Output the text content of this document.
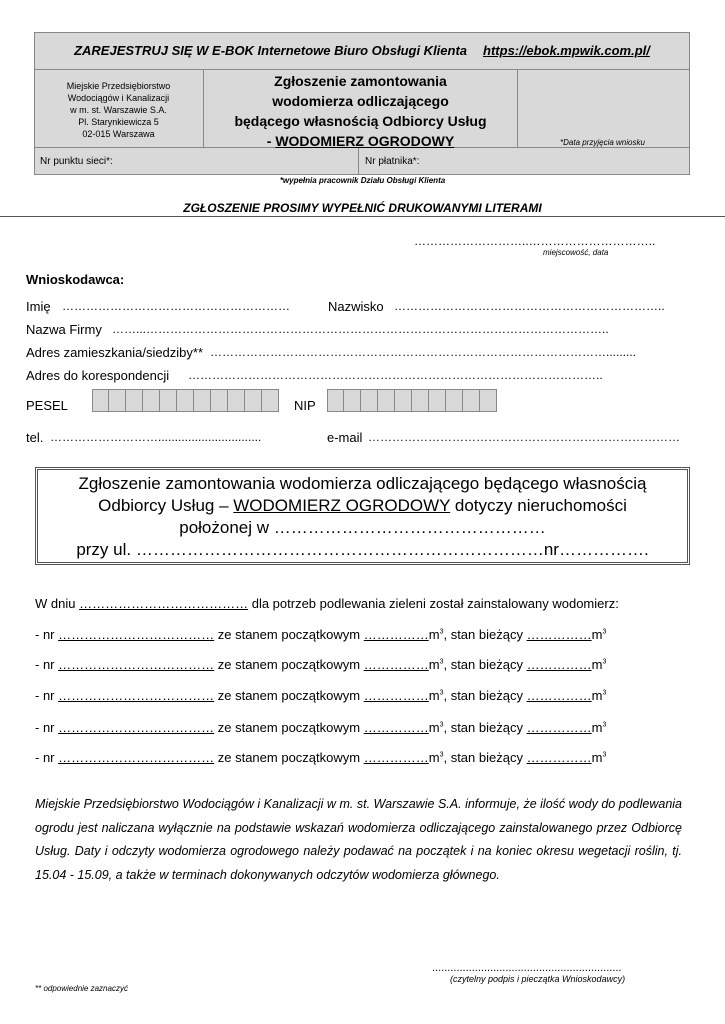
ZAREJESTRUJ SIĘ W E-BOK Internetowe Biuro Obsługi Klienta https://ebok.mpwik.com.pl/
Miejskie Przedsiębiorstwo
Wodociągów i Kanalizacji
w m. st. Warszawie S.A.
Pl. Starynkiewicza 5
02-015 Warszawa
Zgłoszenie zamontowania
wodomierza odliczającego
będącego własnością Odbiorcy Usług
- WODOMIERZ OGRODOWY	*Data przyjęcia wniosku
Nr punktu sieci*:	Nr płatnika*:
*wypełnia pracownik Działu Obsługi Klienta
ZGŁOSZENIE PROSIMY WYPEŁNIĆ DRUKOWANYMI LITERAMI
………………………..…………………………..
miejscowość, data
Wnioskodawca:
Imię …………………………………………………	Nazwisko …………………………………………………………..
Nazwa Firmy ……...……………………………………………………………………………………………………..
Adres zamieszkania/siedziby** ……………………………………………………………………………………….........
Adres do korespondencji …………………………………………………………………………………………..
PESEL	NIP
tel. ………………………...............................	e-mail ……………………………………………………………………
Zgłoszenie zamontowania wodomierza odliczającego będącego własnością
Odbiorcy Usług – WODOMIERZ OGRODOWY dotyczy nieruchomości
położonej w …………………………………………
przy ul. ………………………………………………………………nr…………….
W dniu ………………………………… dla potrzeb podlewania zieleni został zainstalowany wodomierz:
- nr ……………………………… ze stanem początkowym $\dots\dots\dots\dots\dots m^3$, stan bieżący $\dots\dots\dots\dots\dots m^3$
- nr ……………………………… ze stanem początkowym $\dots\dots\dots\dots\dots m^3$, stan bieżący $\dots\dots\dots\dots\dots m^3$
- nr ……………………………… ze stanem początkowym $\dots\dots\dots\dots\dots m^3$, stan bieżący $\dots\dots\dots\dots\dots m^3$
- nr ……………………………… ze stanem początkowym $\dots\dots\dots\dots\dots m^3$, stan bieżący $\dots\dots\dots\dots\dots m^3$
- nr ……………………………… ze stanem początkowym $\dots\dots\dots\dots\dots m^3$, stan bieżący $\dots\dots\dots\dots\dots m^3$
Miejskie Przedsiębiorstwo Wodociągów i Kanalizacji w m. st. Warszawie S.A. informuje, że ilość wody do podlewania ogrodu jest naliczana wyłącznie na podstawie wskazań wodomierza odliczającego zainstalowanego przez Odbiorcę Usług. Daty i odczyty wodomierza ogrodowego należy podawać na początek i na koniec okresu wegetacji roślin, tj. 15.04 - 15.09, a także w terminach dokonywanych odczytów wodomierza głównego.
..............................................................
(czytelny podpis i pieczątka Wnioskodawcy)
** odpowiednie zaznaczyć
